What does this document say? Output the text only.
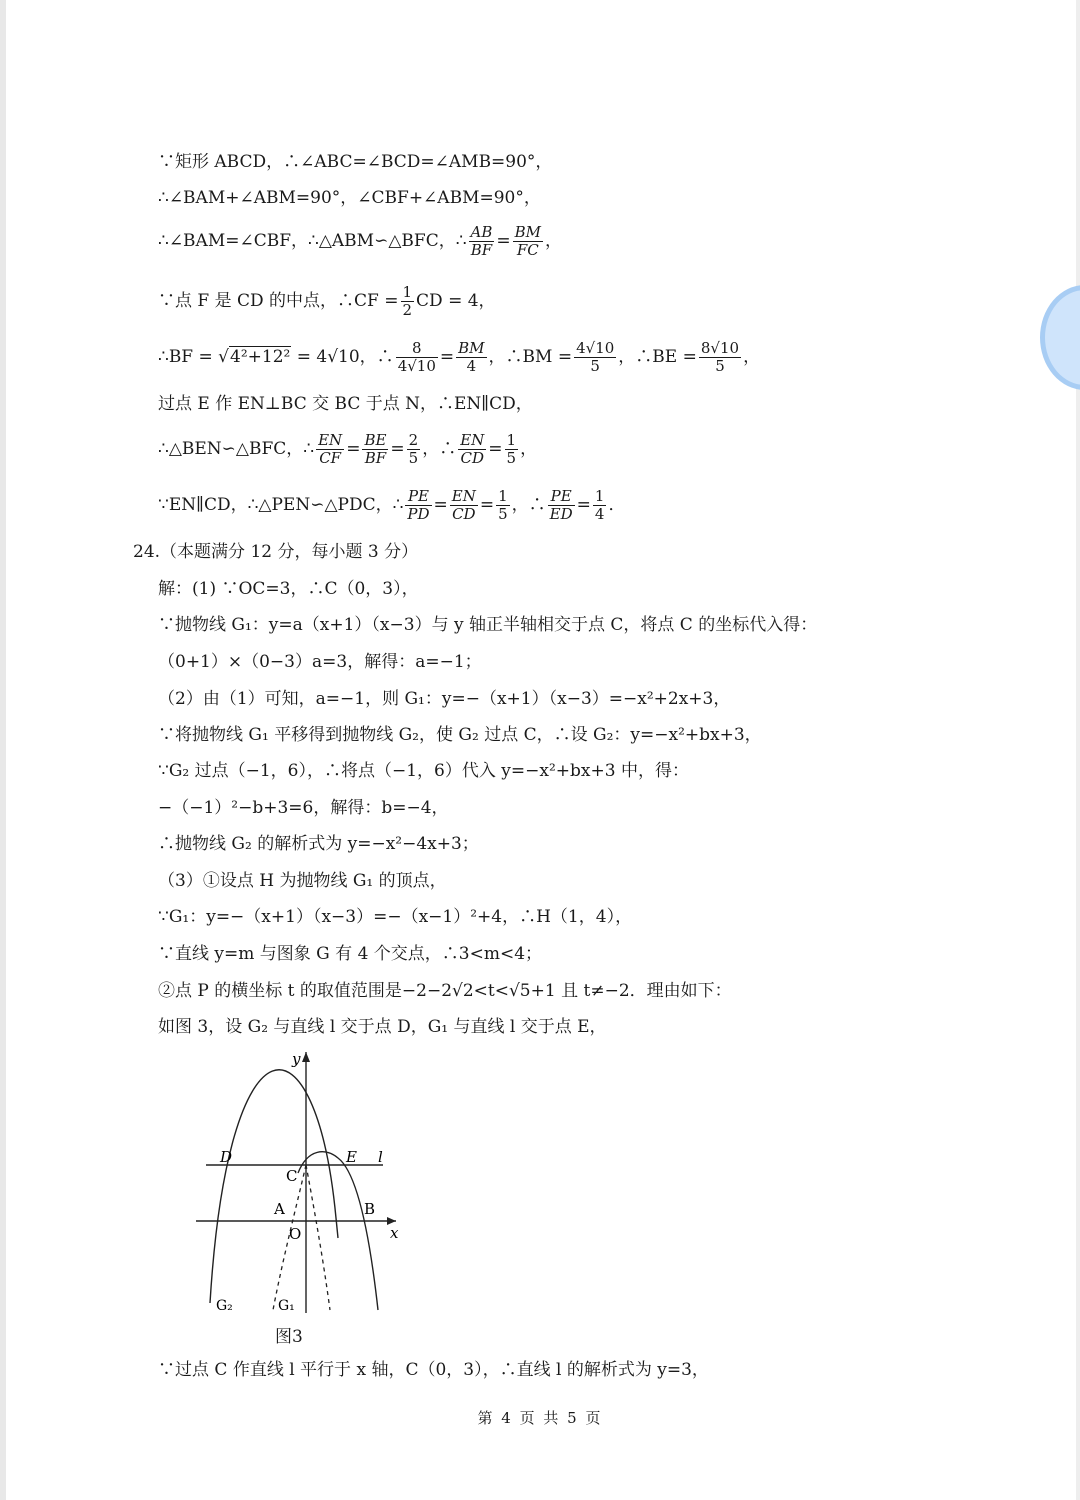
∵矩形 ABCD，∴∠ABC=∠BCD=∠AMB=90°，
∴∠BAM+∠ABM=90°，∠CBF+∠ABM=90°，
∴∠BAM=∠CBF，∴△ABM∽△BFC，∴ $\frac{AB}{BF} = \frac{BM}{FC}$ ，
∵点 F 是 CD 的中点，∴CF = $\frac{1}{2}$ CD = 4，
∴BF = √4²+12² = 4√10，∴ $\frac{8}{4√10} = \frac{BM}{4}$ ，∴BM = $\frac{4√10}{5}$ ，∴BE = $\frac{8√10}{5}$ ，
过点 E 作 EN⊥BC 交 BC 于点 N，∴EN∥CD，
∴△BEN∽△BFC，∴ $\frac{EN}{CF} = \frac{BE}{BF} = \frac{2}{5}$ ，∴ $\frac{EN}{CD} = \frac{1}{5}$ ，
∵EN∥CD，∴△PEN∽△PDC，∴ $\frac{PE}{PD} = \frac{EN}{CD} = \frac{1}{5}$ ，∴ $\frac{PE}{ED} = \frac{1}{4}$ ．
24.（本题满分 12 分，每小题 3 分）
解：(1) ∵OC=3，∴C（0，3），
∵抛物线 G₁：y=a（x+1）（x−3）与 y 轴正半轴相交于点 C，将点 C 的坐标代入得：
（0+1）×（0−3）a=3，解得：a=−1；
（2）由（1）可知，a=−1，则 G₁：y=−（x+1）（x−3）=−x²+2x+3，
∵将抛物线 G₁ 平移得到抛物线 G₂，使 G₂ 过点 C，∴设 G₂：y=−x²+bx+3，
∵G₂ 过点（−1，6），∴将点（−1，6）代入 y=−x²+bx+3 中，得：
−（−1）²−b+3=6，解得：b=−4，
∴抛物线 G₂ 的解析式为 y=−x²−4x+3；
（3）①设点 H 为抛物线 G₁ 的顶点，
∵G₁：y=−（x+1）（x−3）=−（x−1）²+4，∴H（1，4），
∵直线 y=m 与图象 G 有 4 个交点，∴3<m<4；
②点 P 的横坐标 t 的取值范围是−2−2√2<t<√5+1 且 t≠−2．理由如下：
如图 3，设 G₂ 与直线 l 交于点 D，G₁ 与直线 l 交于点 E，
y
x
D	E l
C
A	B
O
G₂	G₁
图3
∵过点 C 作直线 l 平行于 x 轴，C（0，3），∴直线 l 的解析式为 y=3，
第 4 页 共 5 页
